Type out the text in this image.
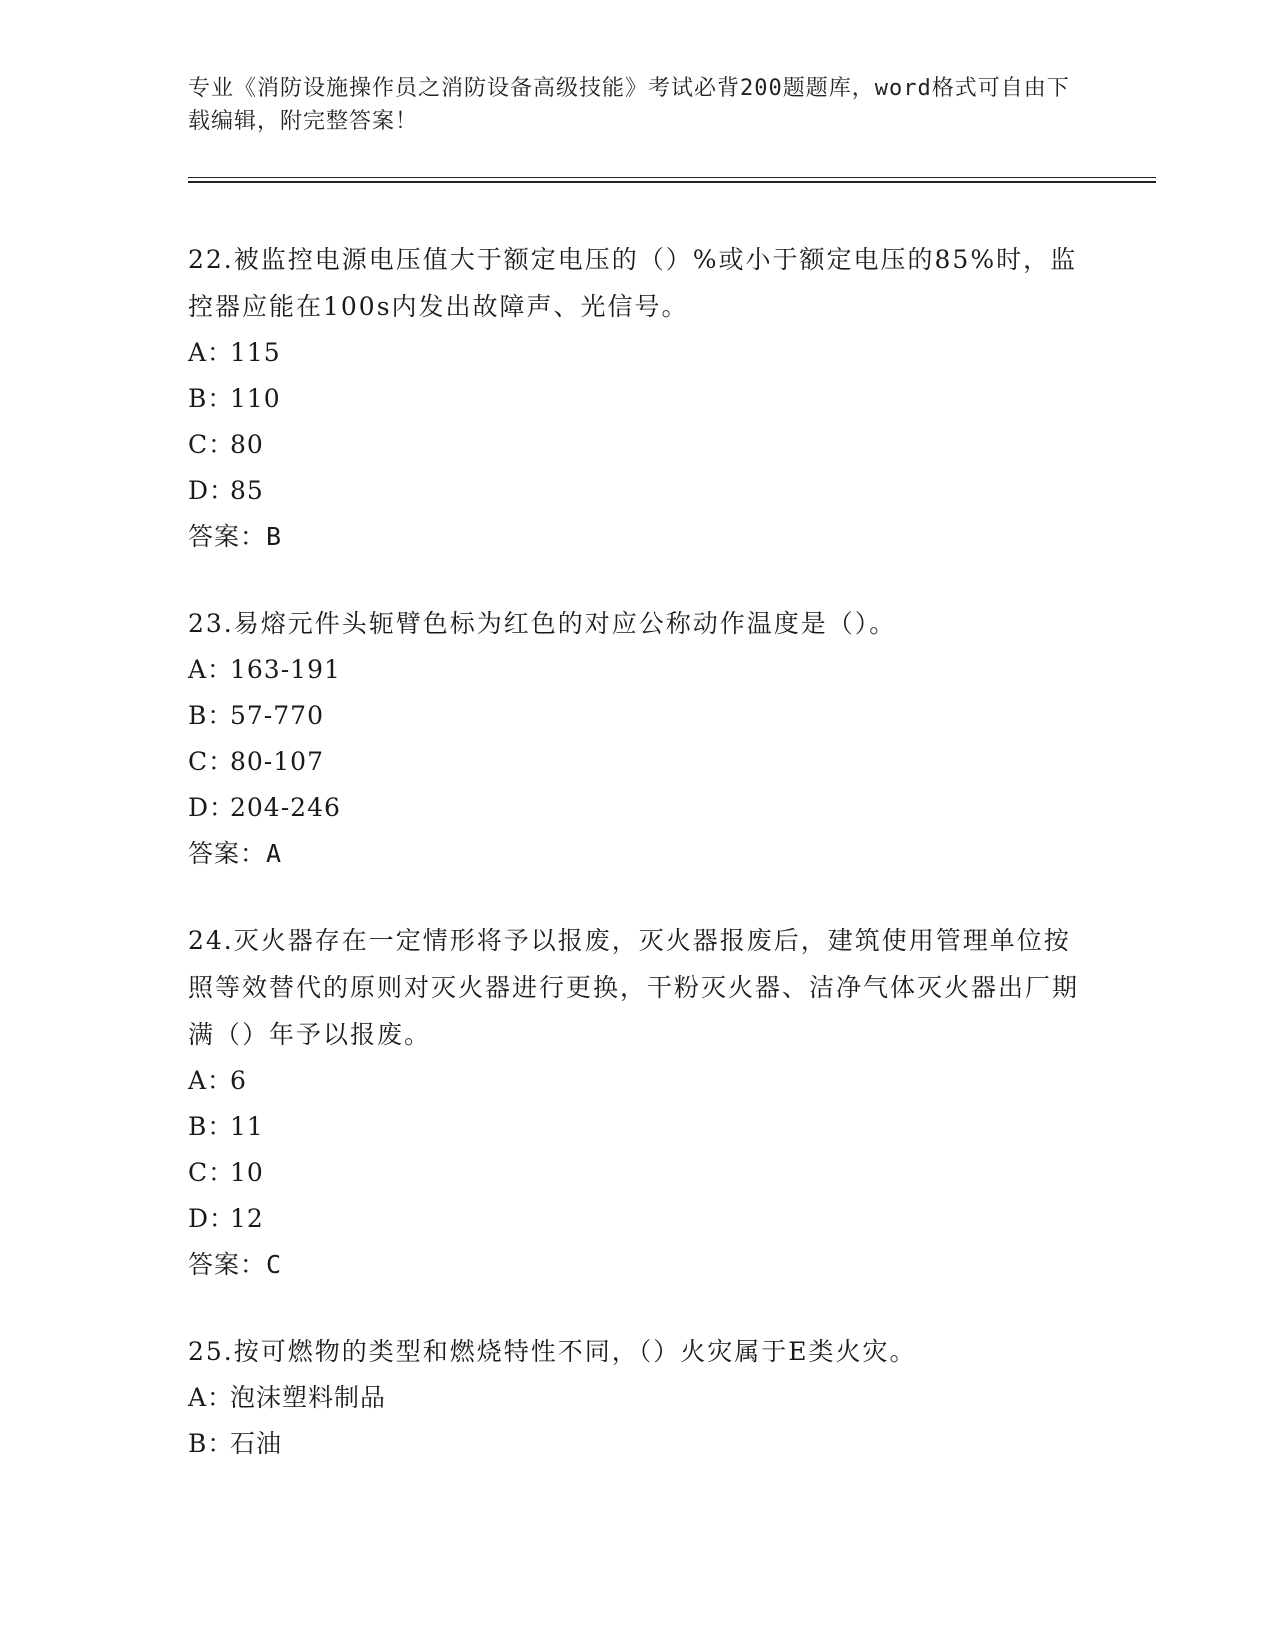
专业《消防设施操作员之消防设备高级技能》考试必背200题题库，word格式可自由下载编辑，附完整答案！

22.被监控电源电压值大于额定电压的（）%或小于额定电压的85%时，监控器应能在100s内发出故障声、光信号。

A：
115
B：
110
C：
80
D：
85
答案：B

23.易熔元件头轭臂色标为红色的对应公称动作温度是（）。

A：
163-191
B：
57-770
C：
80-107
D：
204-246
答案：A

24.灭火器存在一定情形将予以报废，灭火器报废后，建筑使用管理单位按照等效替代的原则对灭火器进行更换，干粉灭火器、洁净气体灭火器出厂期满（）年予以报废。

A：
6
B：
11
C：
10
D：
12
答案：C

25.按可燃物的类型和燃烧特性不同，（）火灾属于E类火灾。

A：
泡沫塑料制品
B：
石油
